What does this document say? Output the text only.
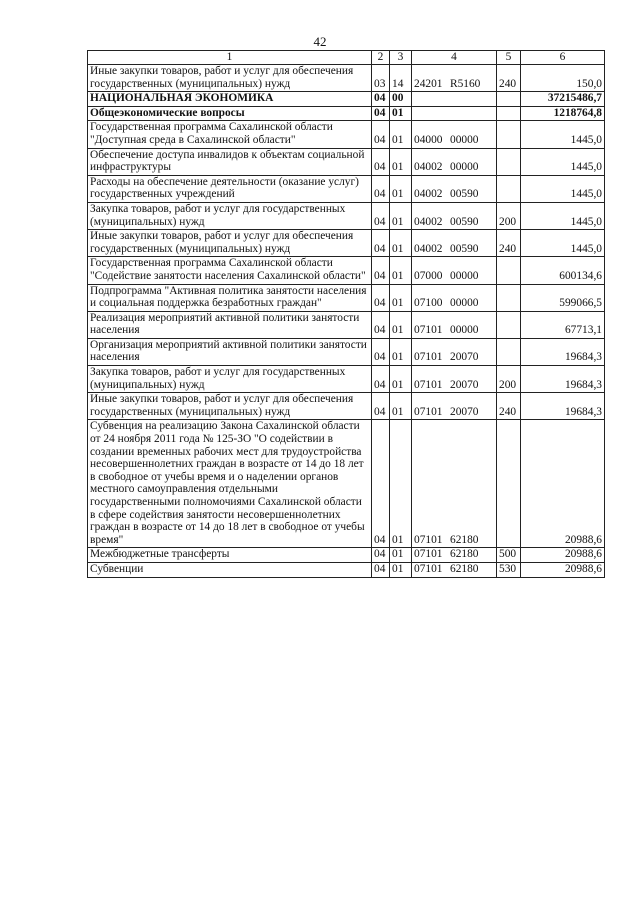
42
1	2	3	4	5	6
Иные закупки товаров, работ и услуг для обеспечения государственных (муниципальных) нужд	03	14	24201 R5160	240	150,0
НАЦИОНАЛЬНАЯ ЭКОНОМИКА	04	00			37215486,7
Общеэкономические вопросы	04	01			1218764,8
Государственная программа Сахалинской области "Доступная среда в Сахалинской области"	04	01	04000 00000		1445,0
Обеспечение доступа инвалидов к объектам социальной инфраструктуры	04	01	04002 00000		1445,0
Расходы на обеспечение деятельности (оказание услуг) государственных учреждений	04	01	04002 00590		1445,0
Закупка товаров, работ и услуг для государственных (муниципальных) нужд	04	01	04002 00590	200	1445,0
Иные закупки товаров, работ и услуг для обеспечения государственных (муниципальных) нужд	04	01	04002 00590	240	1445,0
Государственная программа Сахалинской области "Содействие занятости населения Сахалинской области"	04	01	07000 00000		600134,6
Подпрограмма "Активная политика занятости населения и социальная поддержка безработных граждан"	04	01	07100 00000		599066,5
Реализация мероприятий активной политики занятости населения	04	01	07101 00000		67713,1
Организация мероприятий активной политики занятости населения	04	01	07101 20070		19684,3
Закупка товаров, работ и услуг для государственных (муниципальных) нужд	04	01	07101 20070	200	19684,3
Иные закупки товаров, работ и услуг для обеспечения государственных (муниципальных) нужд	04	01	07101 20070	240	19684,3
Субвенция на реализацию Закона Сахалинской области от 24 ноября 2011 года № 125-ЗО "О содействии в создании временных рабочих мест для трудоустройства несовершеннолетних граждан в возрасте от 14 до 18 лет в свободное от учебы время и о наделении органов местного самоуправления отдельными государственными полномочиями Сахалинской области в сфере содействия занятости несовершеннолетних граждан в возрасте от 14 до 18 лет в свободное от учебы время"	04	01	07101 62180		20988,6
Межбюджетные трансферты	04	01	07101 62180	500	20988,6
Субвенции	04	01	07101 62180	530	20988,6
